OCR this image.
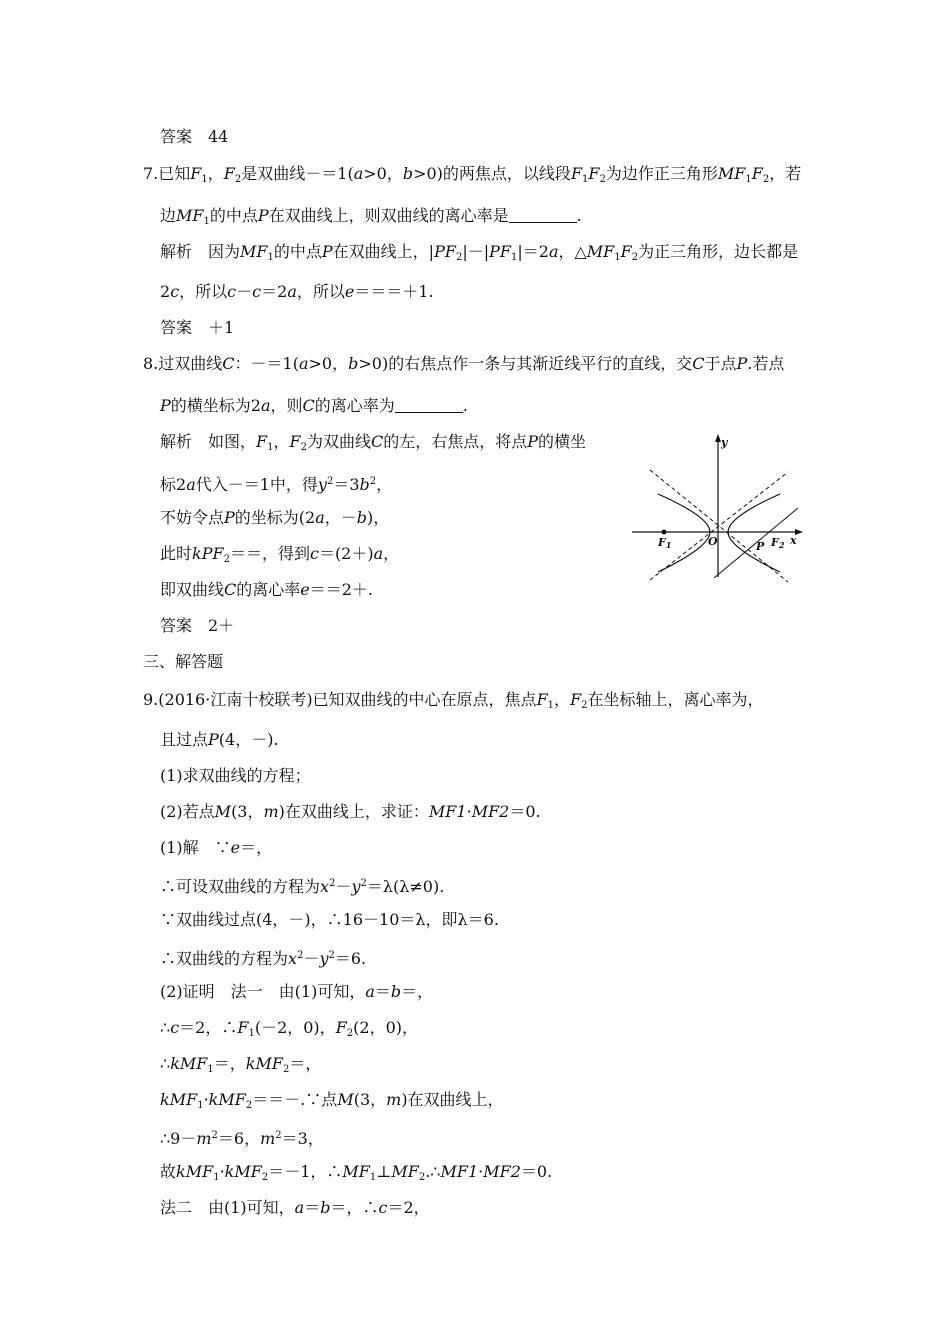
答案　44
7.已知$F_1$，$F_2$是双曲线－＝1(a>0，b>0)的两焦点，以线段$F_1F_2$为边作正三角形$MF_1F_2$，若
边$MF_1$的中点P在双曲线上，则双曲线的离心率是	.
解析　因为$MF_1$的中点P在双曲线上，$|PF_2|-|PF_1|=2a$，$\triangle MF_1F_2$为正三角形，边长都是
2c，所以c－c＝2a，所以e＝＝＝＋1.
答案　＋1
8.过双曲线C：－＝1(a>0，b>0)的右焦点作一条与其渐近线平行的直线，交C于点P.若点
P的横坐标为2a，则C的离心率为	.
解析　如图，$F_1$，$F_2$为双曲线C的左，右焦点，将点P的横坐
标2a代入－＝1中，得$y^2=3b^2$，
不妨令点P的坐标为(2a，－b)，
此时kPF$_2$＝＝，得到c＝(2＋)a，
即双曲线C的离心率e＝＝2＋.
答案　2＋
三、解答题
9.(2016·江南十校联考)已知双曲线的中心在原点，焦点$F_1$，$F_2$在坐标轴上，离心率为，
且过点P(4，－).
(1)求双曲线的方程；
(2)若点M(3，m)在双曲线上，求证：MF1·MF2＝0.
(1)解　∵e＝，
∴可设双曲线的方程为$x^2-y^2=\lambda(\lambda\ne 0)$.
∵双曲线过点(4，－)，∴16－10＝λ，即λ＝6.
∴双曲线的方程为$x^2-y^2=6$.
(2)证明　法一　由(1)可知，a＝b＝，
∴c＝2，$\therefore F_1(-2$，0)，$F_2(2$，0)，
∴kMF$_1$＝，kMF$_2$＝，
kMF$_1$·kMF$_2$＝＝－.∵点M(3，m)在双曲线上，
$\therefore 9-m^2=6$，$m^2=3$，
故kMF$_1$·kMF$_2$＝－1，$\therefore MF_1\perp MF_2.\therefore MF1\cdot MF2=0$.
法二　由(1)可知，a＝b＝，∴c＝2，
y
x
O
F1	P F2
